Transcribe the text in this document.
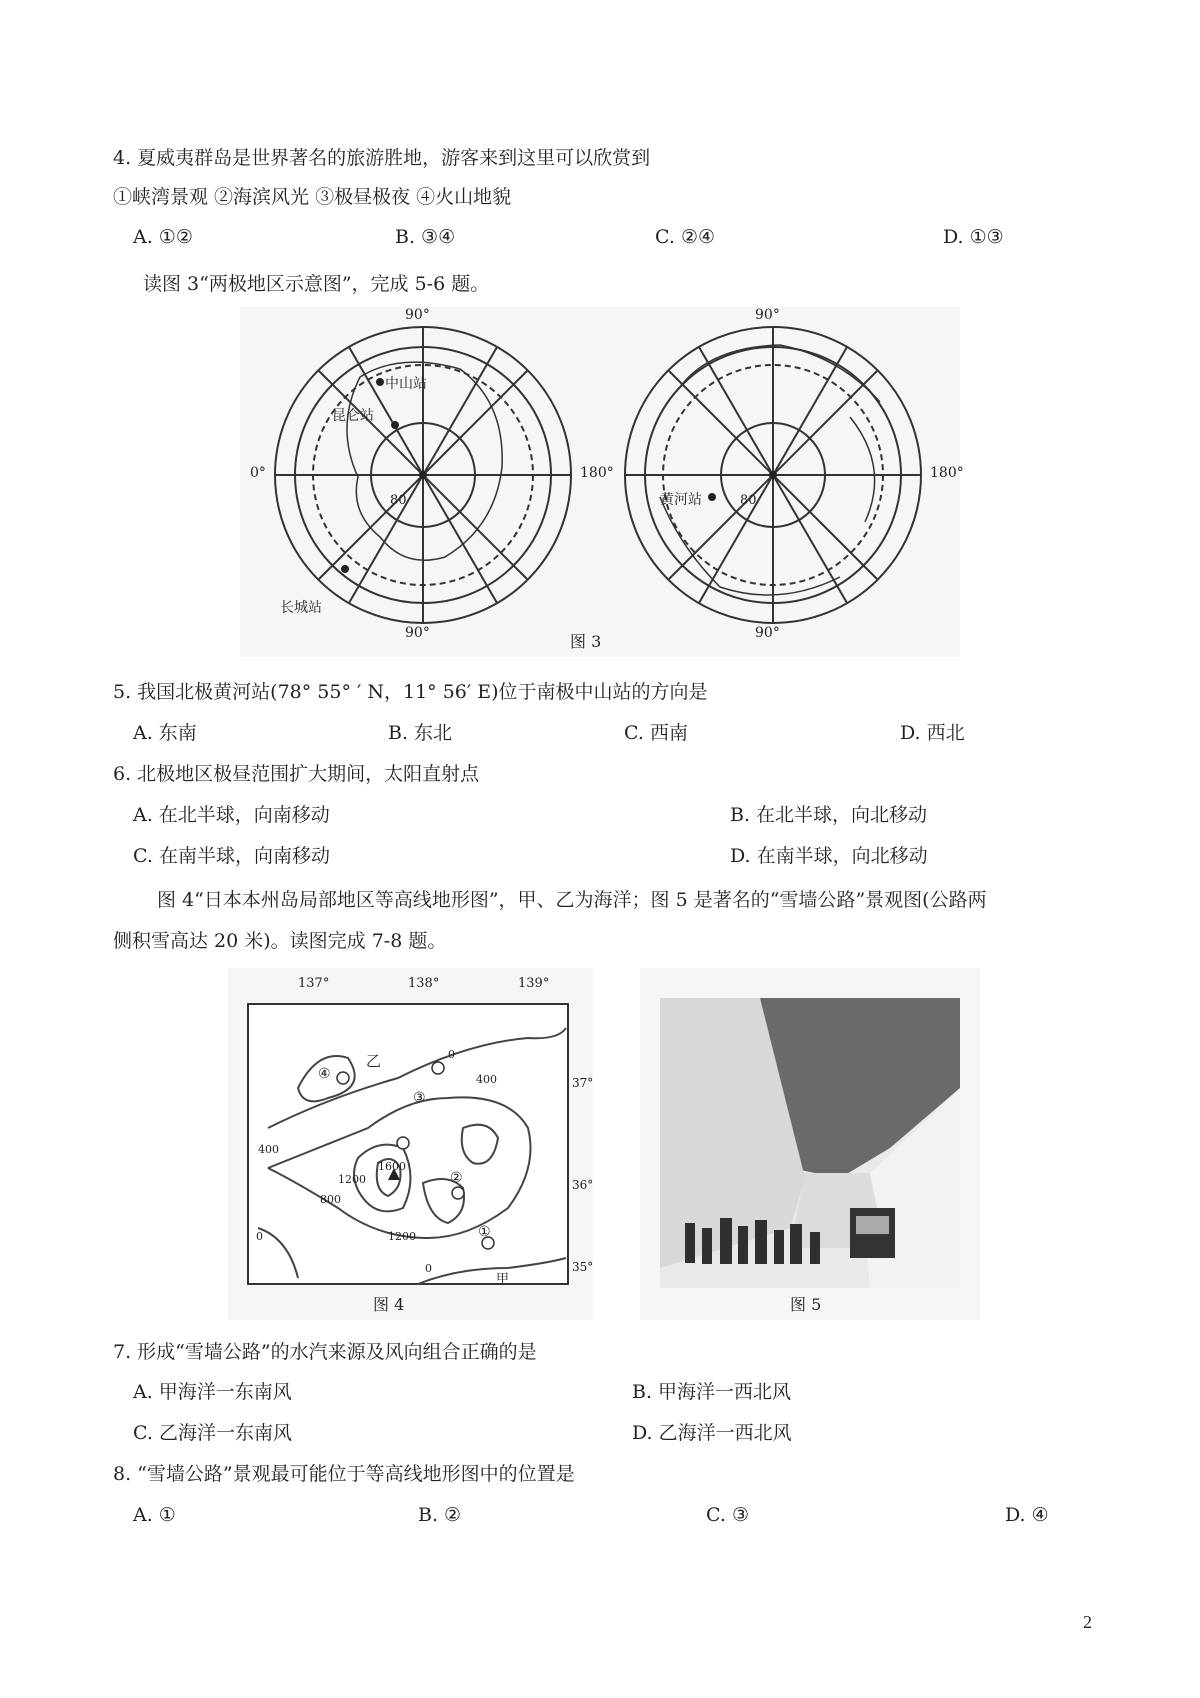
4. 夏威夷群岛是世界著名的旅游胜地，游客来到这里可以欣赏到
①峡湾景观 ②海滨风光 ③极昼极夜 ④火山地貌
A. ①②	B. ③④	C. ②④	D. ①③
读图 3“两极地区示意图”，完成 5-6 题。
90°
90°
0°
80
中山站
昆仑站
长城站
180°
90°
90°
180°
80
黄河站
图 3
5. 我国北极黄河站(78° 55° ′ N，11° 56′ E)位于南极中山站的方向是
A. 东南	B. 东北	C. 西南	D. 西北
6. 北极地区极昼范围扩大期间，太阳直射点
A. 在北半球，向南移动	B. 在北半球，向北移动
C. 在南半球，向南移动	D. 在南半球，向北移动
图 4“日本本州岛局部地区等高线地形图”，甲、乙为海洋；图 5 是著名的“雪墙公路”景观图(公路两
侧积雪高达 20 米)。读图完成 7-8 题。
137°	138°	139°
37°
36°
35°
乙
甲
④
②
③
①
0
400
400
800
1200
1600
1200
0
0
图 4	图 5
7. 形成“雪墙公路”的水汽来源及风向组合正确的是
A. 甲海洋一东南风	B. 甲海洋一西北风
C. 乙海洋一东南风	D. 乙海洋一西北风
8. “雪墙公路”景观最可能位于等高线地形图中的位置是
A. ①	B. ②	C. ③	D. ④
2
